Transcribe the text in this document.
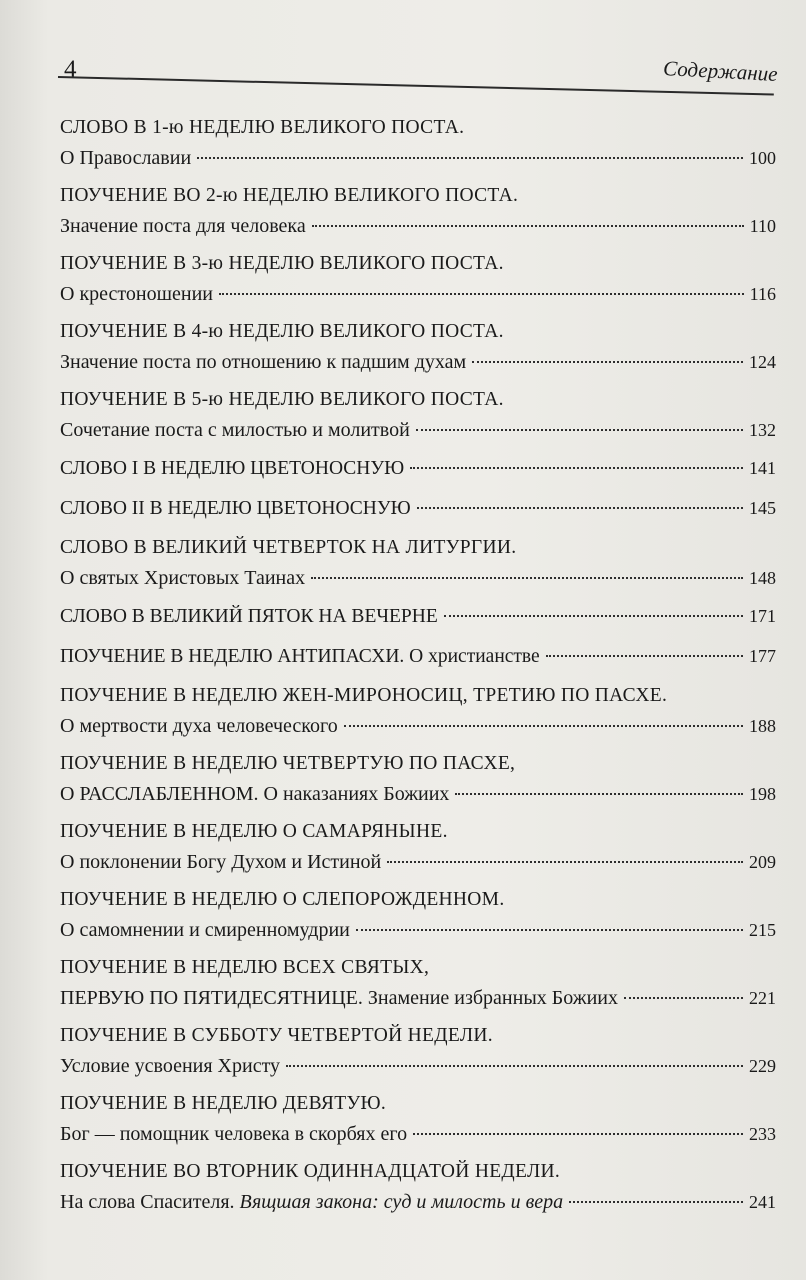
4	Содержание
СЛОВО В 1-ю НЕДЕЛЮ ВЕЛИКОГО ПОСТА.
О Православии	100
ПОУЧЕНИЕ ВО 2-ю НЕДЕЛЮ ВЕЛИКОГО ПОСТА.
Значение поста для человека	110
ПОУЧЕНИЕ В 3-ю НЕДЕЛЮ ВЕЛИКОГО ПОСТА.
О крестоношении	116
ПОУЧЕНИЕ В 4-ю НЕДЕЛЮ ВЕЛИКОГО ПОСТА.
Значение поста по отношению к падшим духам	124
ПОУЧЕНИЕ В 5-ю НЕДЕЛЮ ВЕЛИКОГО ПОСТА.
Сочетание поста с милостью и молитвой	132
СЛОВО I В НЕДЕЛЮ ЦВЕТОНОСНУЮ	141
СЛОВО II В НЕДЕЛЮ ЦВЕТОНОСНУЮ	145
СЛОВО В ВЕЛИКИЙ ЧЕТВЕРТОК НА ЛИТУРГИИ.
О святых Христовых Таинах	148
СЛОВО В ВЕЛИКИЙ ПЯТОК НА ВЕЧЕРНЕ	171
ПОУЧЕНИЕ В НЕДЕЛЮ АНТИПАСХИ. О христианстве	177
ПОУЧЕНИЕ В НЕДЕЛЮ ЖЕН-МИРОНОСИЦ, ТРЕТИЮ ПО ПАСХЕ.
О мертвости духа человеческого	188
ПОУЧЕНИЕ В НЕДЕЛЮ ЧЕТВЕРТУЮ ПО ПАСХЕ,
О РАССЛАБЛЕННОМ. О наказаниях Божиих	198
ПОУЧЕНИЕ В НЕДЕЛЮ О САМАРЯНЫНЕ.
О поклонении Богу Духом и Истиной	209
ПОУЧЕНИЕ В НЕДЕЛЮ О СЛЕПОРОЖДЕННОМ.
О самомнении и смиренномудрии	215
ПОУЧЕНИЕ В НЕДЕЛЮ ВСЕХ СВЯТЫХ,
ПЕРВУЮ ПО ПЯТИДЕСЯТНИЦЕ. Знамение избранных Божиих	221
ПОУЧЕНИЕ В СУББОТУ ЧЕТВЕРТОЙ НЕДЕЛИ.
Условие усвоения Христу	229
ПОУЧЕНИЕ В НЕДЕЛЮ ДЕВЯТУЮ.
Бог — помощник человека в скорбях его	233
ПОУЧЕНИЕ ВО ВТОРНИК ОДИННАДЦАТОЙ НЕДЕЛИ.
На слова Спасителя. Вящшая закона: суд и милость и вера	241
